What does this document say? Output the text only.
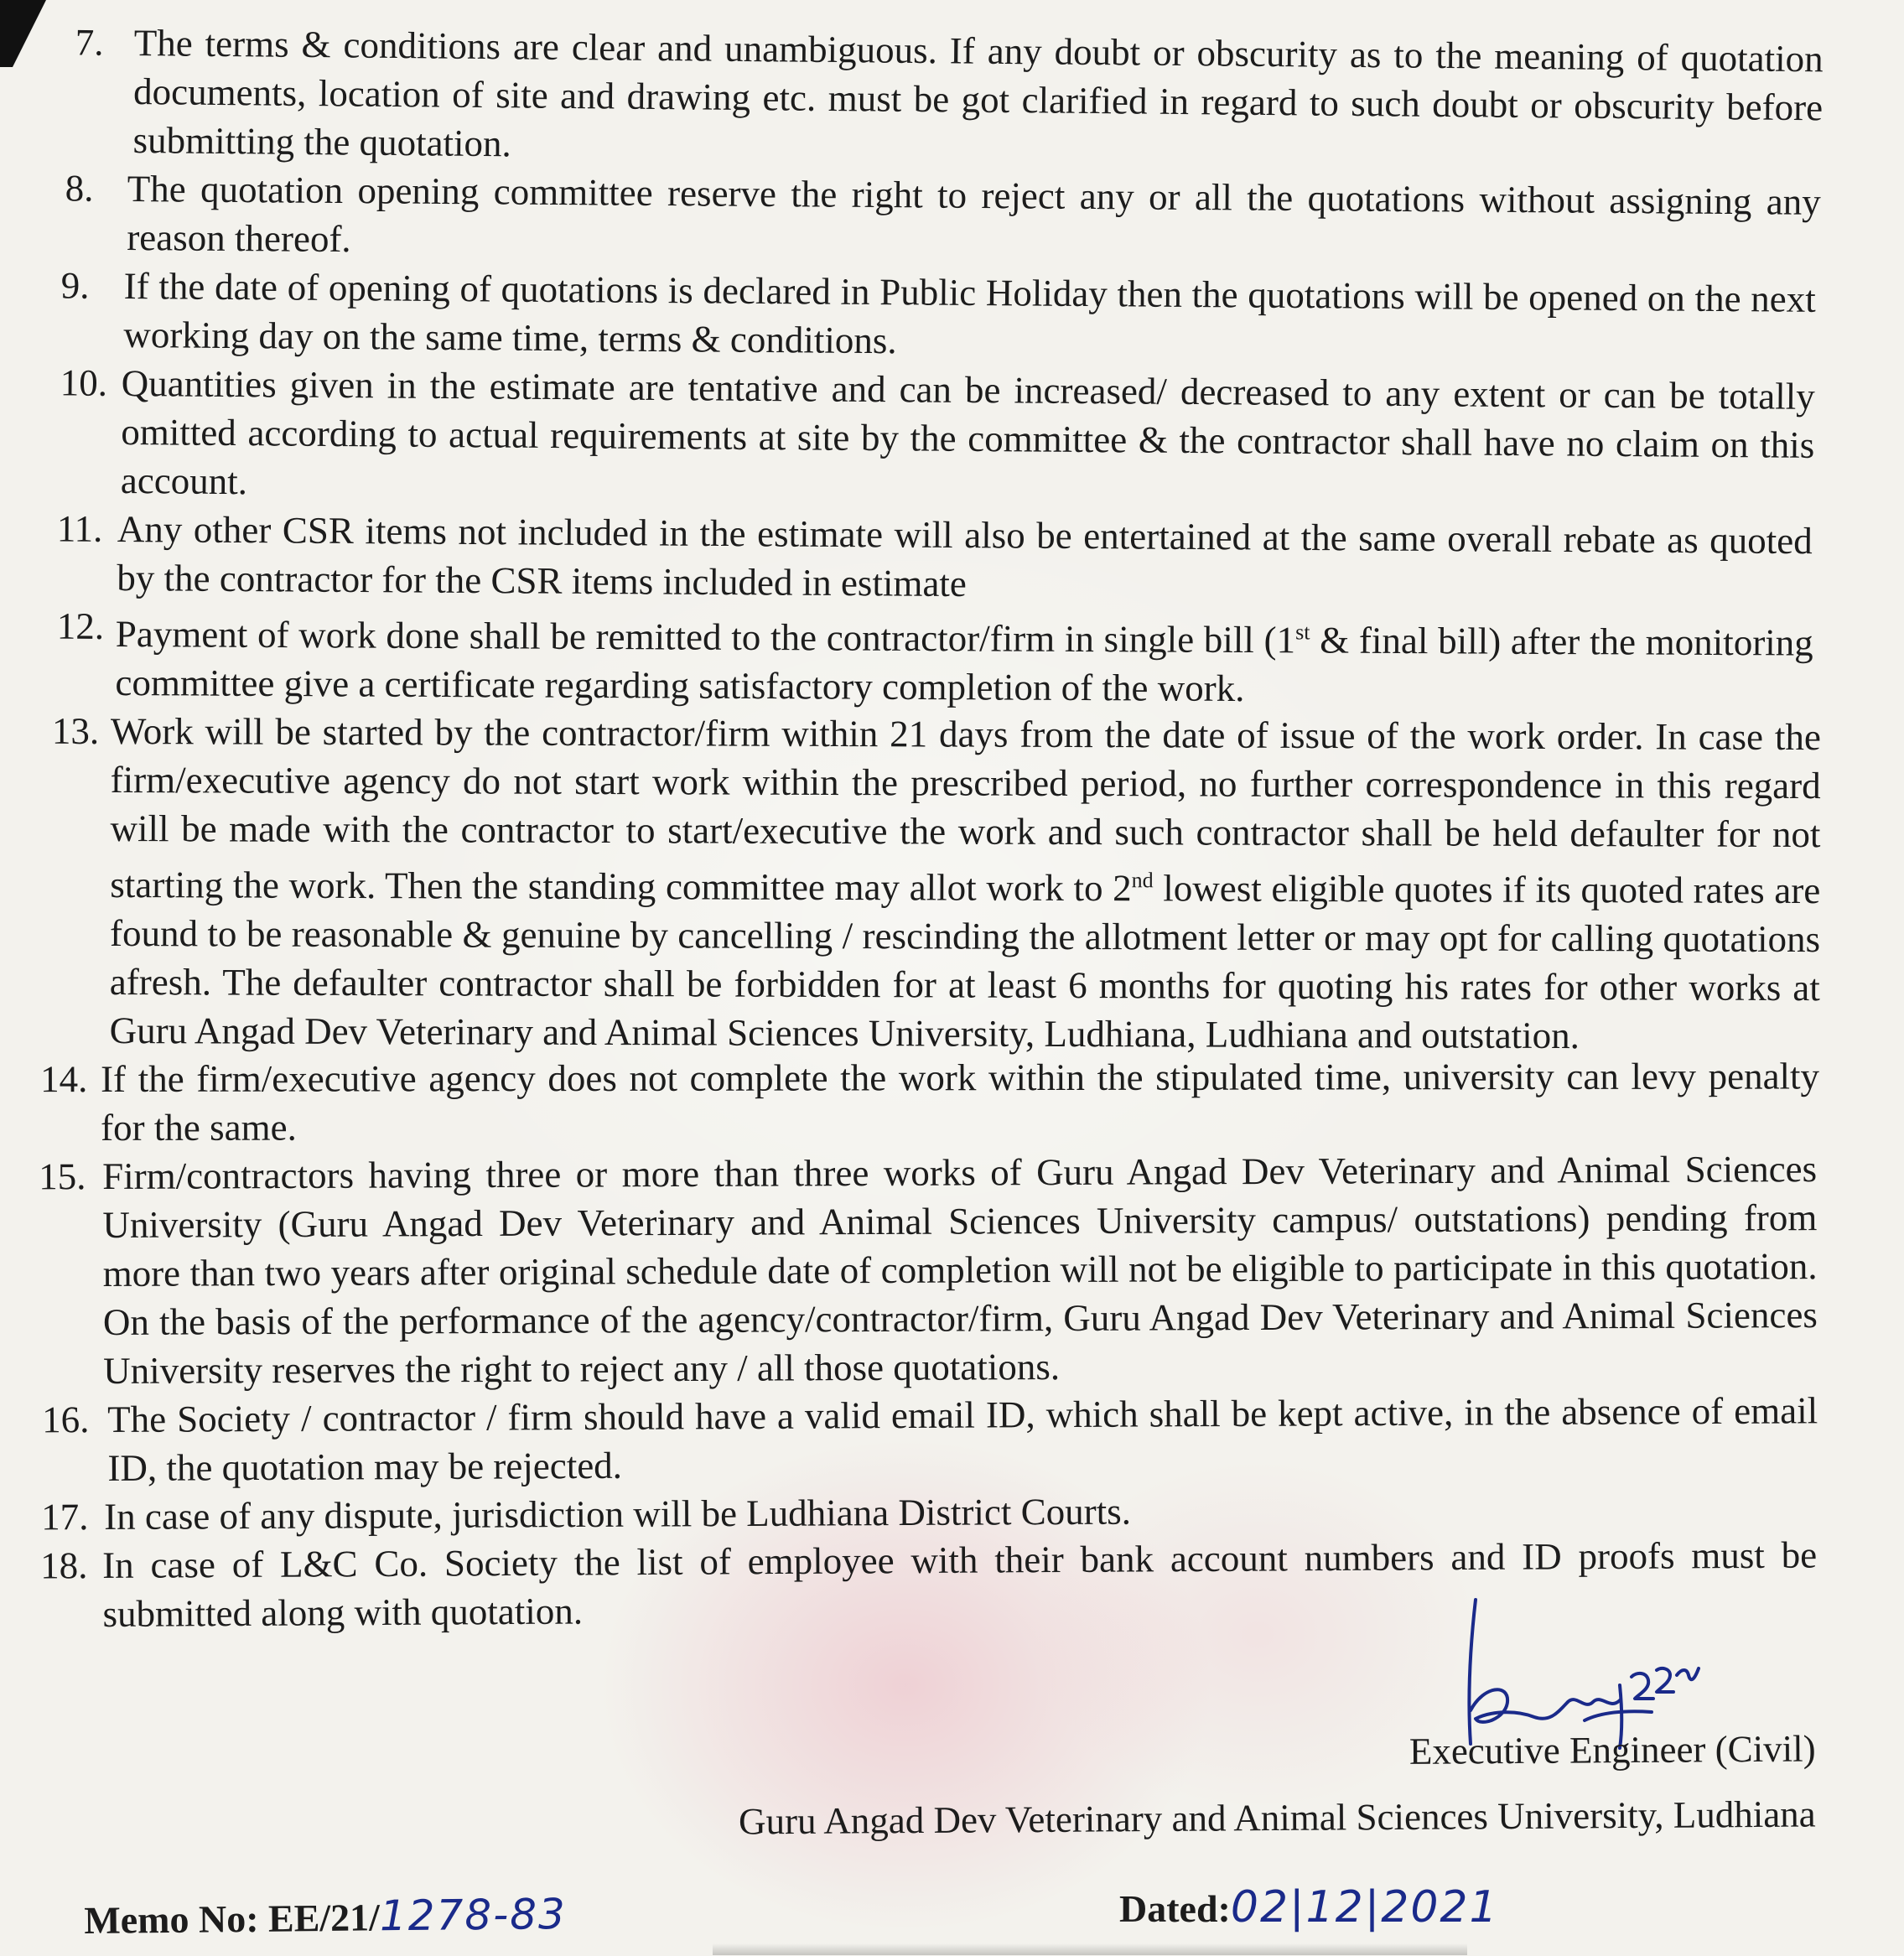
7. The terms & conditions are clear and unambiguous. If any doubt or obscurity as to the meaning of quotation documents, location of site and drawing etc. must be got clarified in regard to such doubt or obscurity before submitting the quotation.
8. The quotation opening committee reserve the right to reject any or all the quotations without assigning any reason thereof.
9. If the date of opening of quotations is declared in Public Holiday then the quotations will be opened on the next working day on the same time, terms & conditions.
10. Quantities given in the estimate are tentative and can be increased/ decreased to any extent or can be totally omitted according to actual requirements at site by the committee & the contractor shall have no claim on this account.
11. Any other CSR items not included in the estimate will also be entertained at the same overall rebate as quoted by the contractor for the CSR items included in estimate
12. Payment of work done shall be remitted to the contractor/firm in single bill (1st & final bill) after the monitoring committee give a certificate regarding satisfactory completion of the work.
13. Work will be started by the contractor/firm within 21 days from the date of issue of the work order. In case the firm/executive agency do not start work within the prescribed period, no further correspondence in this regard will be made with the contractor to start/executive the work and such contractor shall be held defaulter for not starting the work. Then the standing committee may allot work to 2nd lowest eligible quotes if its quoted rates are found to be reasonable & genuine by cancelling / rescinding the allotment letter or may opt for calling quotations afresh. The defaulter contractor shall be forbidden for at least 6 months for quoting his rates for other works at Guru Angad Dev Veterinary and Animal Sciences University, Ludhiana, Ludhiana and outstation.
14. If the firm/executive agency does not complete the work within the stipulated time, university can levy penalty for the same.
15. Firm/contractors having three or more than three works of Guru Angad Dev Veterinary and Animal Sciences University (Guru Angad Dev Veterinary and Animal Sciences University campus/ outstations) pending from more than two years after original schedule date of completion will not be eligible to participate in this quotation. On the basis of the performance of the agency/contractor/firm, Guru Angad Dev Veterinary and Animal Sciences University reserves the right to reject any / all those quotations.
16. The Society / contractor / firm should have a valid email ID, which shall be kept active, in the absence of email ID, the quotation may be rejected.
17. In case of any dispute, jurisdiction will be Ludhiana District Courts.
18. In case of L&C Co. Society the list of employee with their bank account numbers and ID proofs must be submitted along with quotation.
Executive Engineer (Civil)
Guru Angad Dev Veterinary and Animal Sciences University, Ludhiana
Memo No: EE/21/1278-83	Dated:02|12|2021
